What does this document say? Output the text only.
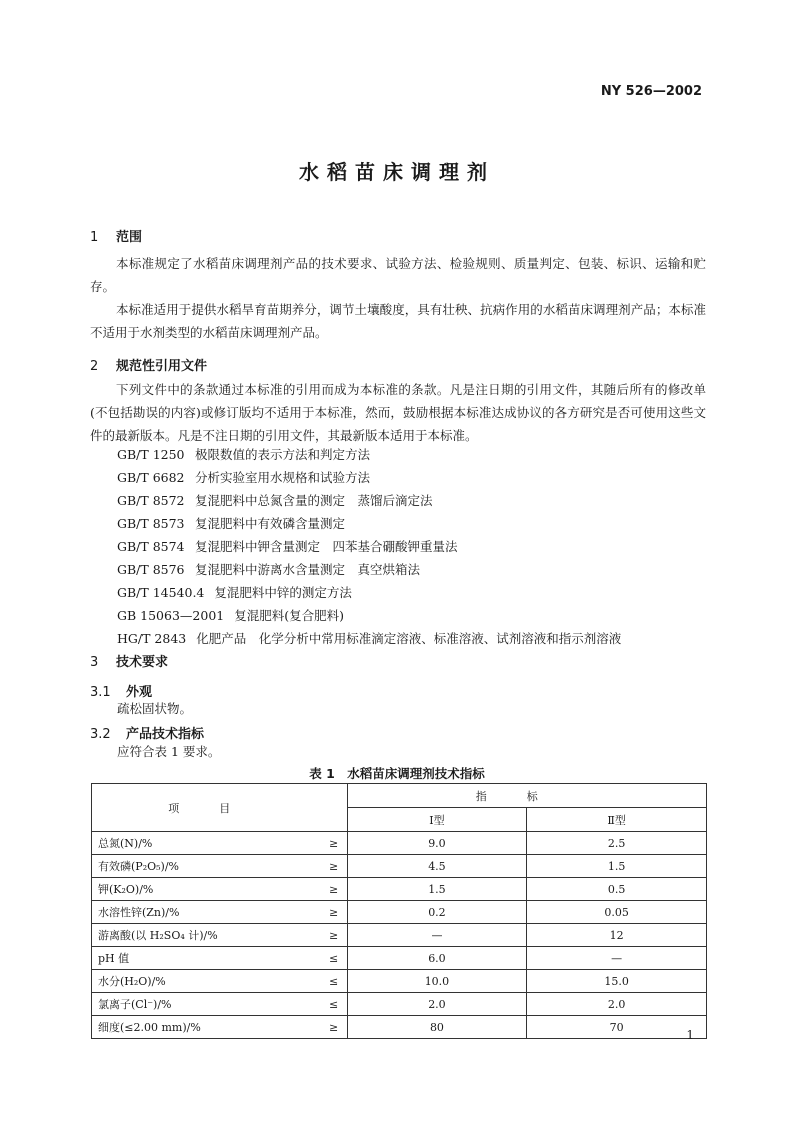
NY 526—2002
水稻苗床调理剂
1 范围
本标准规定了水稻苗床调理剂产品的技术要求、试验方法、检验规则、质量判定、包装、标识、运输和贮存。
本标准适用于提供水稻旱育苗期养分，调节土壤酸度，具有壮秧、抗病作用的水稻苗床调理剂产品；本标准不适用于水剂类型的水稻苗床调理剂产品。
2 规范性引用文件
下列文件中的条款通过本标准的引用而成为本标准的条款。凡是注日期的引用文件，其随后所有的修改单(不包括勘误的内容)或修订版均不适用于本标准，然而，鼓励根据本标准达成协议的各方研究是否可使用这些文件的最新版本。凡是不注日期的引用文件，其最新版本适用于本标准。
GB/T 1250 极限数值的表示方法和判定方法
GB/T 6682 分析实验室用水规格和试验方法
GB/T 8572 复混肥料中总氮含量的测定　蒸馏后滴定法
GB/T 8573 复混肥料中有效磷含量测定
GB/T 8574 复混肥料中钾含量测定　四苯基合硼酸钾重量法
GB/T 8576 复混肥料中游离水含量测定　真空烘箱法
GB/T 14540.4 复混肥料中锌的测定方法
GB 15063—2001 复混肥料(复合肥料)
HG/T 2843 化肥产品　化学分析中常用标准滴定溶液、标准溶液、试剂溶液和指示剂溶液
3 技术要求
3.1 外观
疏松固状物。
3.2 产品技术指标
应符合表 1 要求。
表 1　水稻苗床调理剂技术指标
项目		指标	
		Ⅰ型	Ⅱ型
总氮(N)/%	≥	9.0	2.5
有效磷(P₂O₅)/%	≥	4.5	1.5
钾(K₂O)/%	≥	1.5	0.5
水溶性锌(Zn)/%	≥	0.2	0.05
游离酸(以 H₂SO₄ 计)/%	≥	—	12
pH 值	≤	6.0	—
水分(H₂O)/%	≤	10.0	15.0
氯离子(Cl⁻)/%	≤	2.0	2.0
细度(≤2.00 mm)/%	≥	80	70
1
